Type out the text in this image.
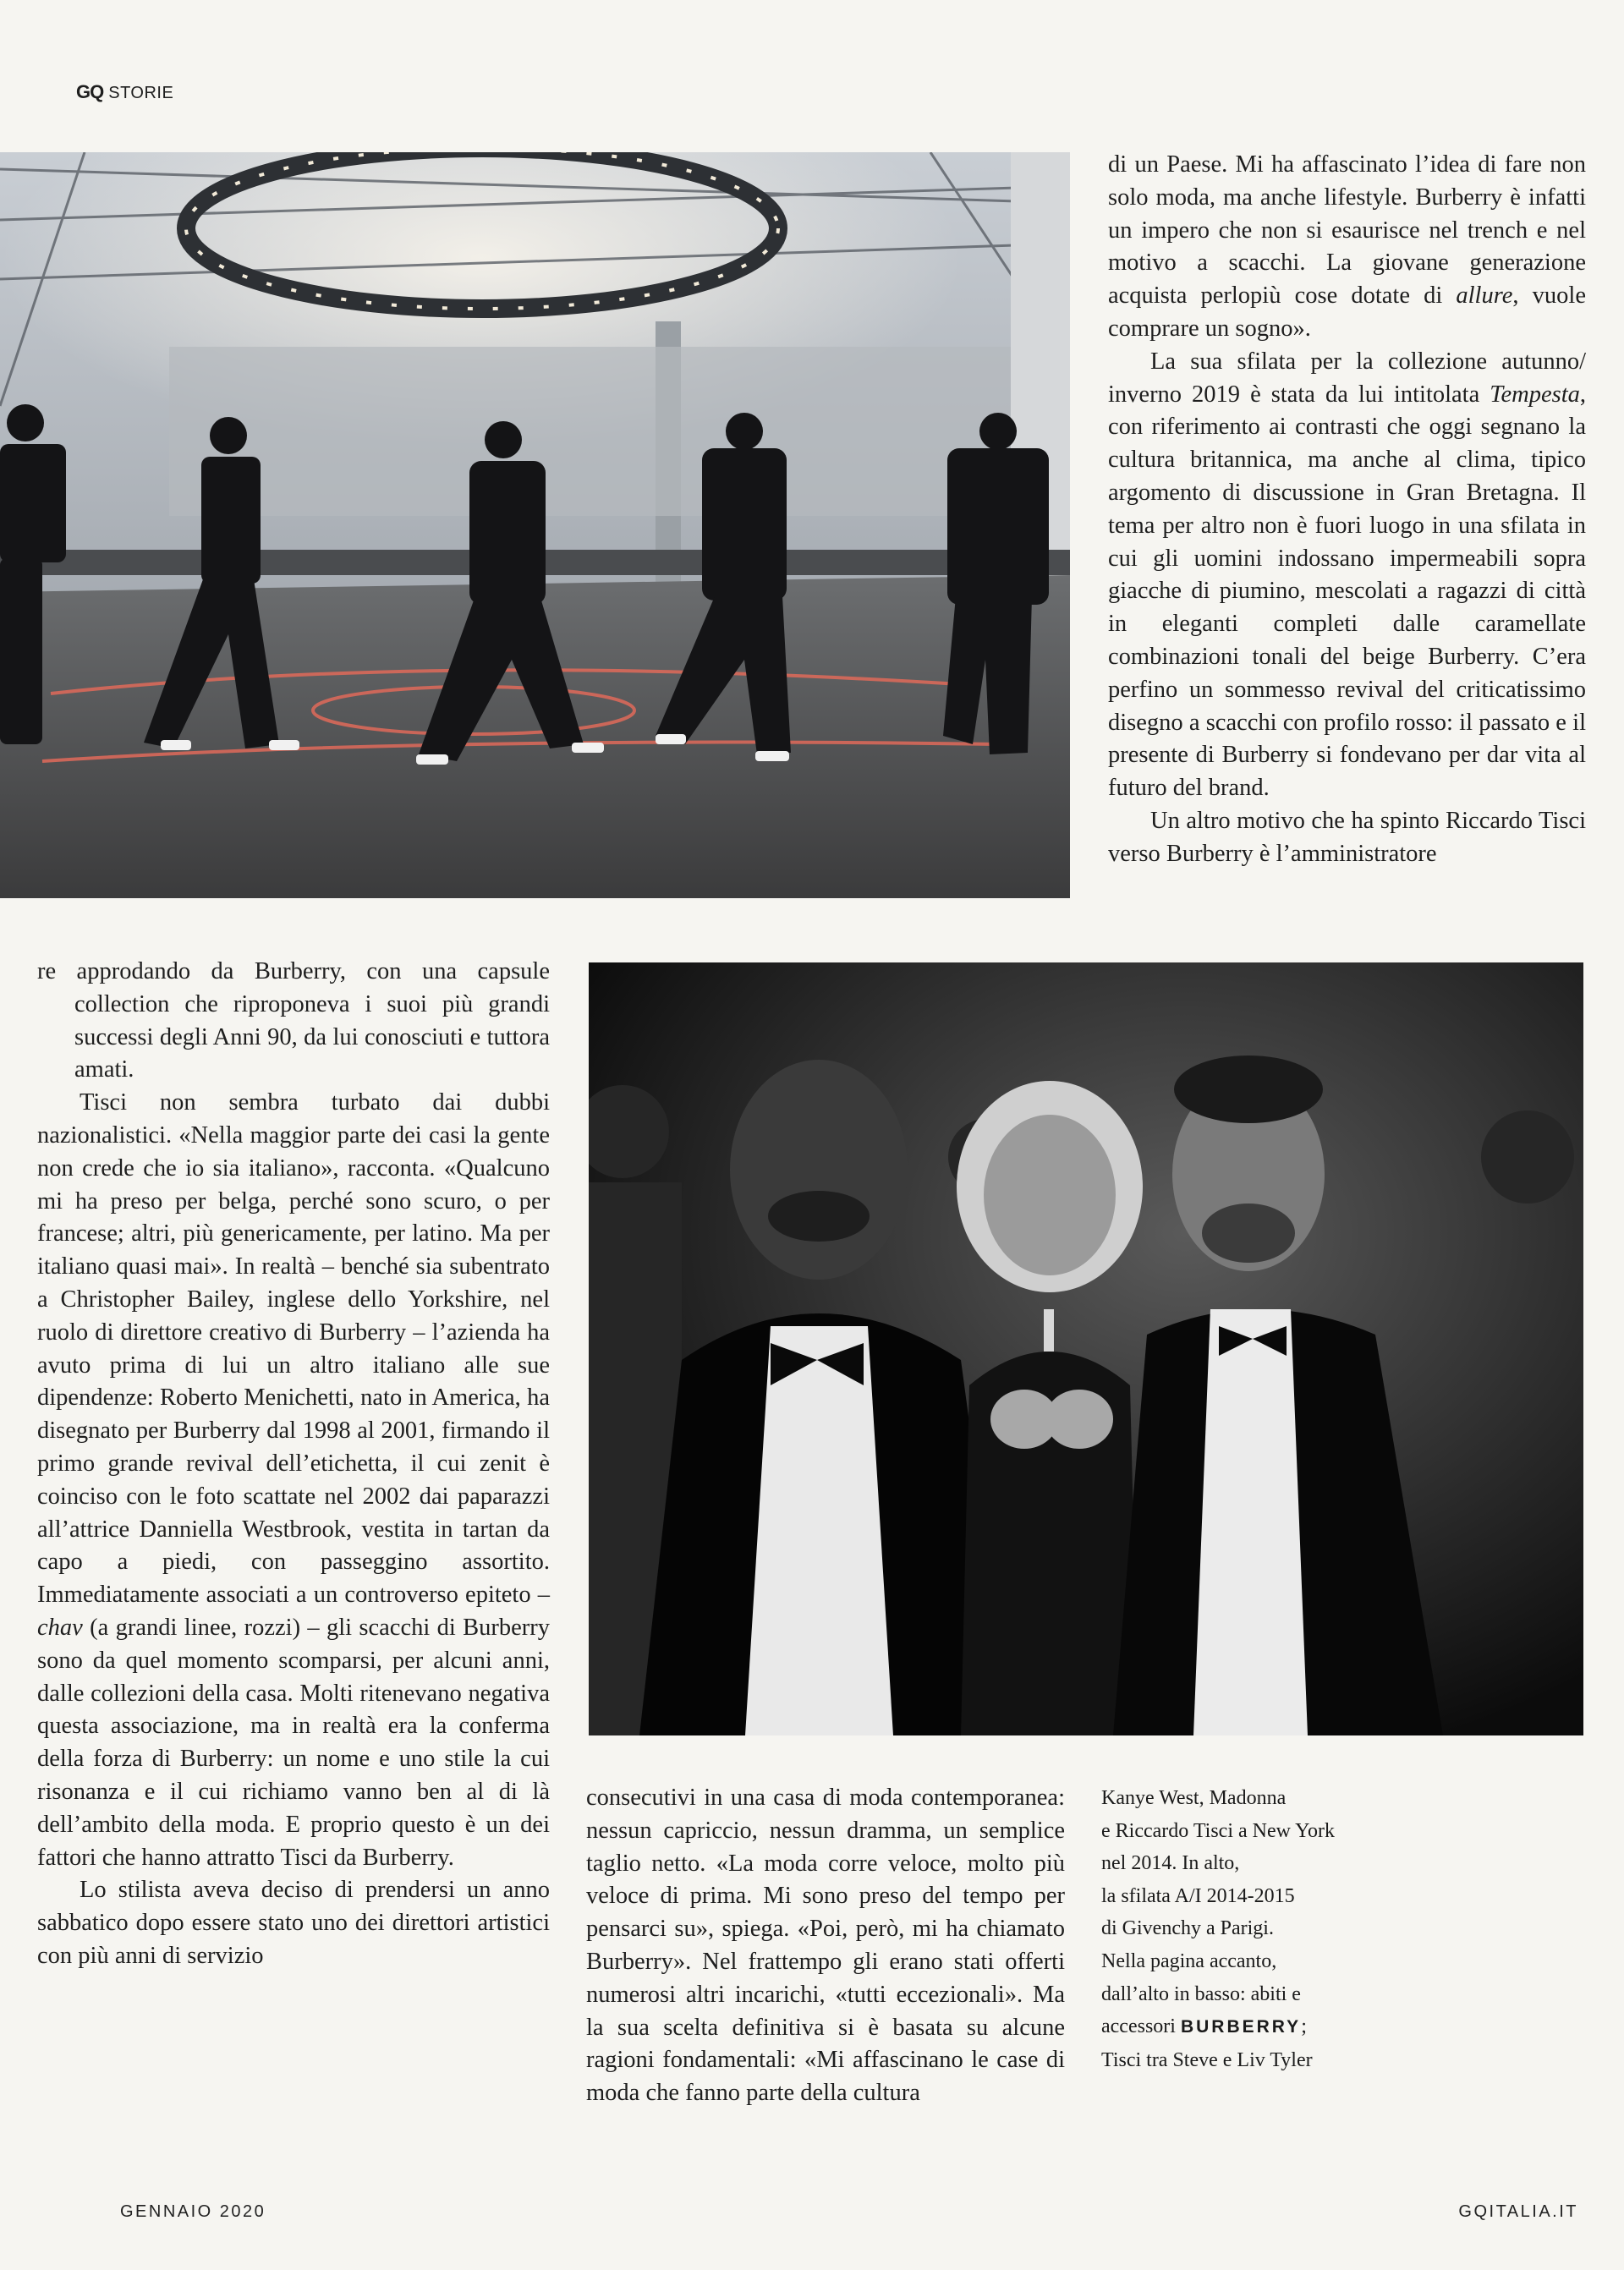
GQ STORIE

di un Paese. Mi ha affascinato l’idea di fare non solo moda, ma anche lifestyle. Burberry è infatti un impero che non si esaurisce nel trench e nel motivo a scacchi. La giovane generazione acquista perlopiù cose dotate di allure, vuole comprare un sogno».

La sua sfilata per la collezione autunno/ inverno 2019 è stata da lui intitolata Tempesta, con riferimento ai contrasti che oggi segnano la cultura britannica, ma anche al clima, tipico argomento di discussione in Gran Bretagna. Il tema per altro non è fuori luogo in una sfilata in cui gli uomini indossano impermeabili sopra giacche di piumino, mescolati a ragazzi di città in eleganti completi dalle caramellate combinazioni tonali del beige Burberry. C’era perfino un sommesso revival del criticatissimo disegno a scacchi con profilo rosso: il passato e il presente di Burberry si fondevano per dar vita al futuro del brand.

Un altro motivo che ha spinto Riccardo Tisci verso Burberry è l’amministratore

re approdando da Burberry, con una capsule collection che riproponeva i suoi più grandi successi degli Anni 90, da lui conosciuti e tuttora amati.

Tisci non sembra turbato dai dubbi nazionalistici. «Nella maggior parte dei casi la gente non crede che io sia italiano», racconta. «Qualcuno mi ha preso per belga, perché sono scuro, o per francese; altri, più genericamente, per latino. Ma per italiano quasi mai». In realtà – benché sia subentrato a Christopher Bailey, inglese dello Yorkshire, nel ruolo di direttore creativo di Burberry – l’azienda ha avuto prima di lui un altro italiano alle sue dipendenze: Roberto Menichetti, nato in America, ha disegnato per Burberry dal 1998 al 2001, firmando il primo grande revival dell’etichetta, il cui zenit è coinciso con le foto scattate nel 2002 dai paparazzi all’attrice Danniella Westbrook, vestita in tartan da capo a piedi, con passeggino assortito. Immediatamente associati a un controverso epiteto – chav (a grandi linee, rozzi) – gli scacchi di Burberry sono da quel momento scomparsi, per alcuni anni, dalle collezioni della casa. Molti ritenevano negativa questa associazione, ma in realtà era la conferma della forza di Burberry: un nome e uno stile la cui risonanza e il cui richiamo vanno ben al di là dell’ambito della moda. E proprio questo è un dei fattori che hanno attratto Tisci da Burberry.

Lo stilista aveva deciso di prendersi un anno sabbatico dopo essere stato uno dei direttori artistici con più anni di servizio

consecutivi in una casa di moda contemporanea: nessun capriccio, nessun dramma, un semplice taglio netto. «La moda corre veloce, molto più veloce di prima. Mi sono preso del tempo per pensarci su», spiega. «Poi, però, mi ha chiamato Burberry». Nel frattempo gli erano stati offerti numerosi altri incarichi, «tutti eccezionali». Ma la sua scelta definitiva si è basata su alcune ragioni fondamentali: «Mi affascinano le case di moda che fanno parte della cultura

Kanye West, Madonna
e Riccardo Tisci a New York
nel 2014. In alto,
la sfilata A/I 2014-2015
di Givenchy a Parigi.
Nella pagina accanto,
dall’alto in basso: abiti e
accessori BURBERRY;
Tisci tra Steve e Liv Tyler
GENNAIO 2020	GQITALIA.IT
